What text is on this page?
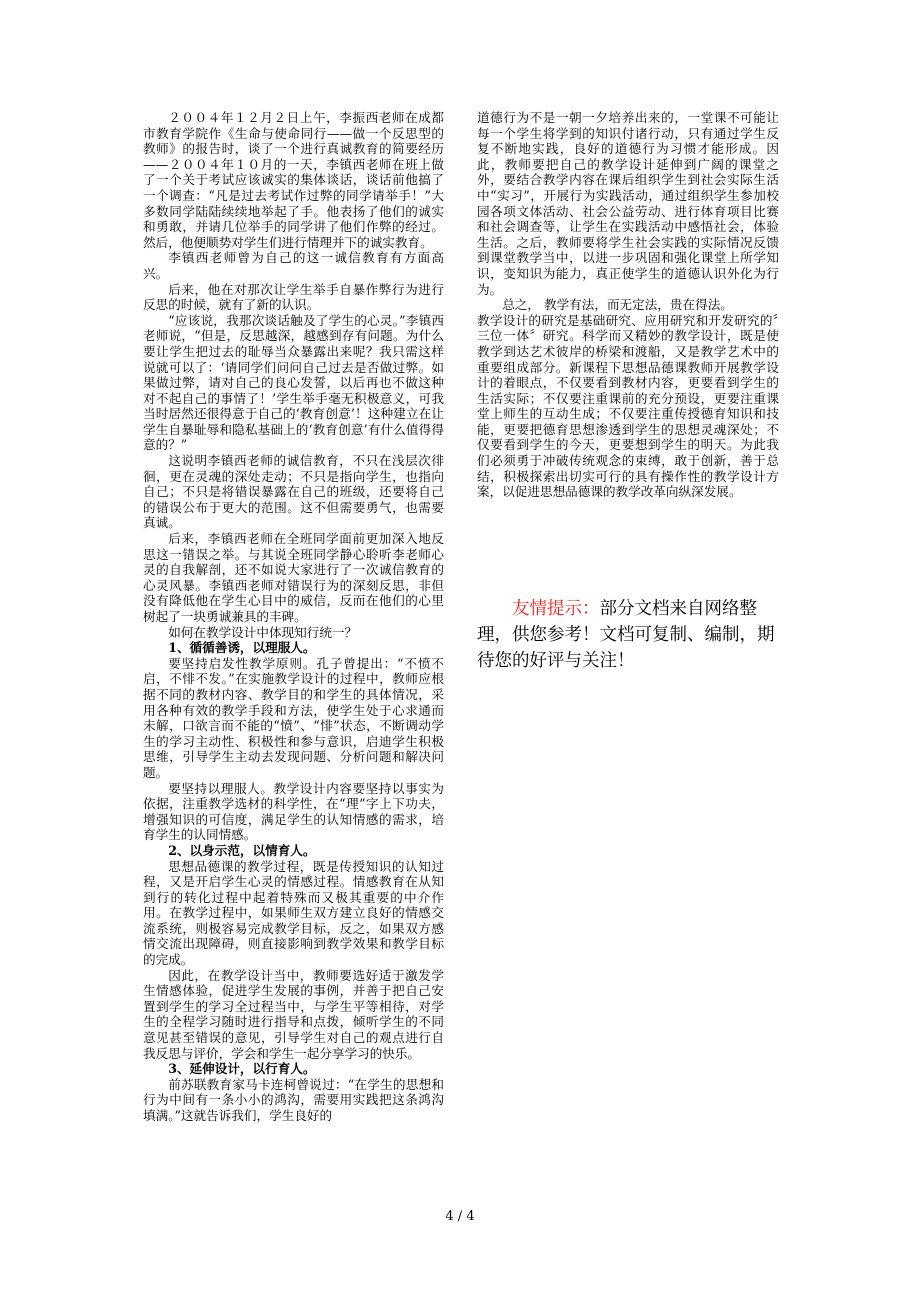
２００４年１２月２日上午，李振西老师在成都市教育学院作《生命与使命同行——做一个反思型的教师》的报告时，谈了一个进行真诚教育的简要经历——２００４年１０月的一天，李镇西老师在班上做了一个关于考试应该诚实的集体谈话，谈话前他搞了一个调查：“凡是过去考试作过弊的同学请举手！”大多数同学陆陆续续地举起了手。他表扬了他们的诚实和勇敢，并请几位举手的同学讲了他们作弊的经过。然后，他便顺势对学生们进行情理并下的诚实教育。

李镇西老师曾为自己的这一诚信教育有方面高兴。

后来，他在对那次让学生举手自暴作弊行为进行反思的时候，就有了新的认识。

“应该说，我那次谈话触及了学生的心灵。”李镇西老师说，“但是，反思越深，越感到存有问题。为什么要让学生把过去的耻辱当众暴露出来呢？我只需这样说就可以了：‘请同学们问问自己过去是否做过弊。如果做过弊，请对自己的良心发誓，以后再也不做这种对不起自己的事情了！’学生举手毫无积极意义，可我当时居然还很得意于自己的‘教育创意’！这种建立在让学生自暴耻辱和隐私基础上的‘教育创意’有什么值得得意的？”

这说明李镇西老师的诚信教育，不只在浅层次徘徊，更在灵魂的深处走动；不只是指向学生，也指向自己；不只是将错误暴露在自己的班级，还要将自己的错误公布于更大的范围。这不但需要勇气，也需要真诚。

后来，李镇西老师在全班同学面前更加深入地反思这一错误之举。与其说全班同学静心聆听李老师心灵的自我解剖，还不如说大家进行了一次诚信教育的心灵风暴。李镇西老师对错误行为的深刻反思，非但没有降低他在学生心目中的威信，反而在他们的心里树起了一块勇诚兼具的丰碑。

如何在教学设计中体现知行统一？

1、循循善诱，以理服人。

要坚持启发性教学原则。孔子曾提出：“不愤不启，不悱不发。”在实施教学设计的过程中，教师应根据不同的教材内容、教学目的和学生的具体情况，采用各种有效的教学手段和方法，使学生处于心求通而未解，口欲言而不能的“愤”、“悱”状态，不断调动学生的学习主动性、积极性和参与意识，启迪学生积极思维，引导学生主动去发现问题、分析问题和解决问题。

要坚持以理服人。教学设计内容要坚持以事实为依据，注重教学选材的科学性，在“理”字上下功夫，增强知识的可信度，满足学生的认知情感的需求，培育学生的认同情感。

2、以身示范，以情育人。

思想品德课的教学过程，既是传授知识的认知过程，又是开启学生心灵的情感过程。情感教育在从知到行的转化过程中起着特殊而又极其重要的中介作用。在教学过程中，如果师生双方建立良好的情感交流系统，则极容易完成教学目标，反之，如果双方感情交流出现障碍，则直接影响到教学效果和教学目标的完成。

因此，在教学设计当中，教师要选好适于激发学生情感体验，促进学生发展的事例，并善于把自己安置到学生的学习全过程当中，与学生平等相待，对学生的全程学习随时进行指导和点拨，倾听学生的不同意见甚至错误的意见，引导学生对自己的观点进行自我反思与评价，学会和学生一起分享学习的快乐。

3、延伸设计，以行育人。

前苏联教育家马卡连柯曾说过：“在学生的思想和行为中间有一条小小的鸿沟，需要用实践把这条鸿沟填满。”这就告诉我们，学生良好的

道德行为不是一朝一夕培养出来的，一堂课不可能让每一个学生将学到的知识付诸行动，只有通过学生反复不断地实践，良好的道德行为习惯才能形成。因此，教师要把自己的教学设计延伸到广阔的课堂之外，要结合教学内容在课后组织学生到社会实际生活中“实习”，开展行为实践活动，通过组织学生参加校园各项文体活动、社会公益劳动、进行体育项目比赛和社会调查等，让学生在实践活动中感悟社会，体验生活。之后，教师要将学生社会实践的实际情况反馈到课堂教学当中，以进一步巩固和强化课堂上所学知识，变知识为能力，真正使学生的道德认识外化为行为。

总之， 教学有法，而无定法，贵在得法。

教学设计的研究是基础研究、应用研究和开发研究的〞三位一体〞研究。科学而又精妙的教学设计，既是使教学到达艺术彼岸的桥梁和渡船，又是教学艺术中的重要组成部分。新课程下思想品德课教师开展教学设计的着眼点，不仅要看到教材内容，更要看到学生的生活实际；不仅要注重课前的充分预设，更要注重课堂上师生的互动生成；不仅要注重传授德育知识和技能，更要把德育思想渗透到学生的思想灵魂深处；不仅要看到学生的今天，更要想到学生的明天。为此我们必须勇于冲破传统观念的束缚，敢于创新，善于总结，积极探索出切实可行的具有操作性的教学设计方案，以促进思想品德课的教学改革向纵深发展。

友情提示：部分文档来自网络整理，供您参考！文档可复制、编制，期待您的好评与关注！

4 / 4
